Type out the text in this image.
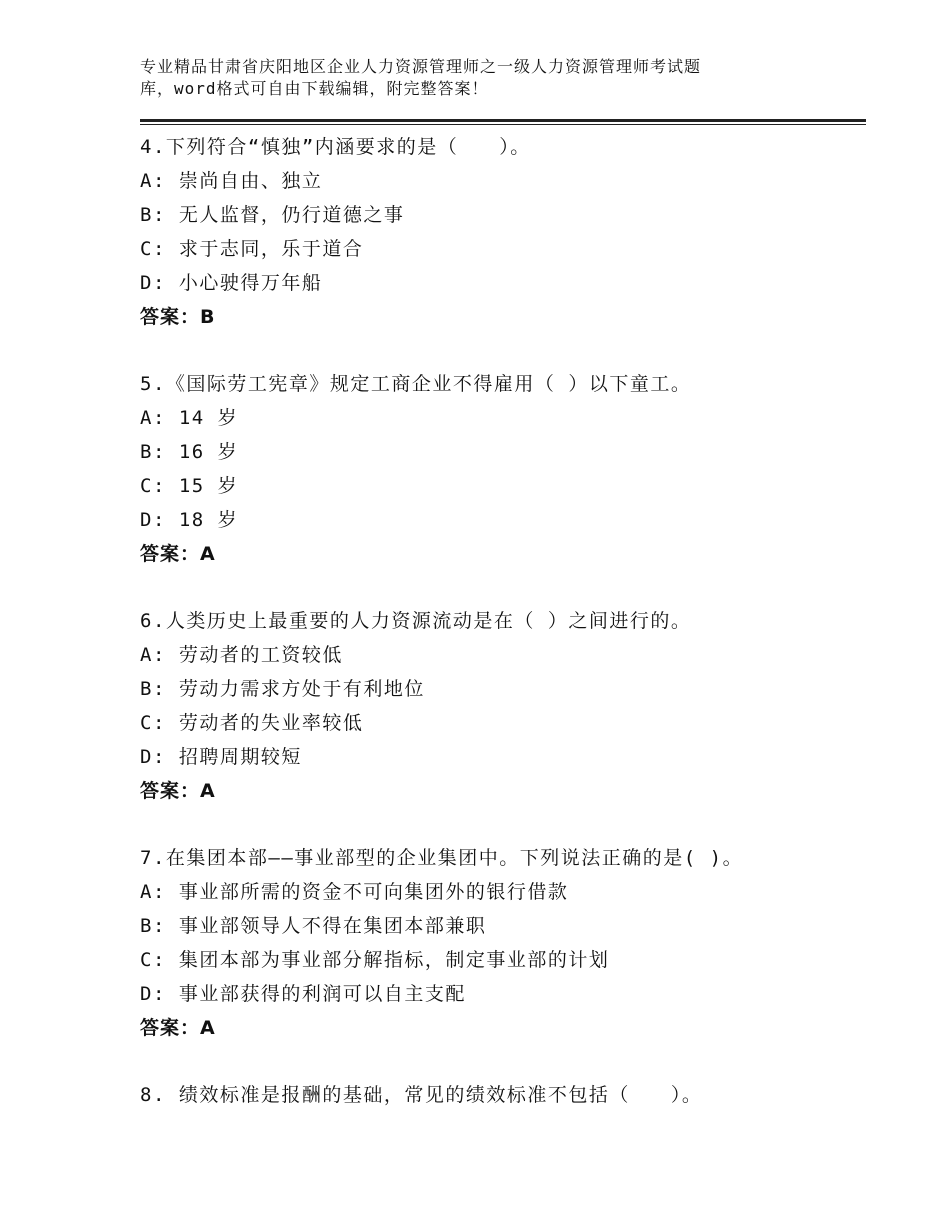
专业精品甘肃省庆阳地区企业人力资源管理师之一级人力资源管理师考试题
库，word格式可自由下载编辑，附完整答案！
4.下列符合“慎独”内涵要求的是（　　）。
A: 崇尚自由、独立
B: 无人监督，仍行道德之事
C: 求于志同，乐于道合
D: 小心驶得万年船
答案：B
5.《国际劳工宪章》规定工商企业不得雇用（ ）以下童工。
A: 14 岁
B: 16 岁
C: 15 岁
D: 18 岁
答案：A
6.人类历史上最重要的人力资源流动是在（ ）之间进行的。
A: 劳动者的工资较低
B: 劳动力需求方处于有利地位
C: 劳动者的失业率较低
D: 招聘周期较短
答案：A
7.在集团本部——事业部型的企业集团中。下列说法正确的是( )。
A: 事业部所需的资金不可向集团外的银行借款
B: 事业部领导人不得在集团本部兼职
C: 集团本部为事业部分解指标，制定事业部的计划
D: 事业部获得的利润可以自主支配
答案：A
8. 绩效标准是报酬的基础，常见的绩效标准不包括（　　）。
